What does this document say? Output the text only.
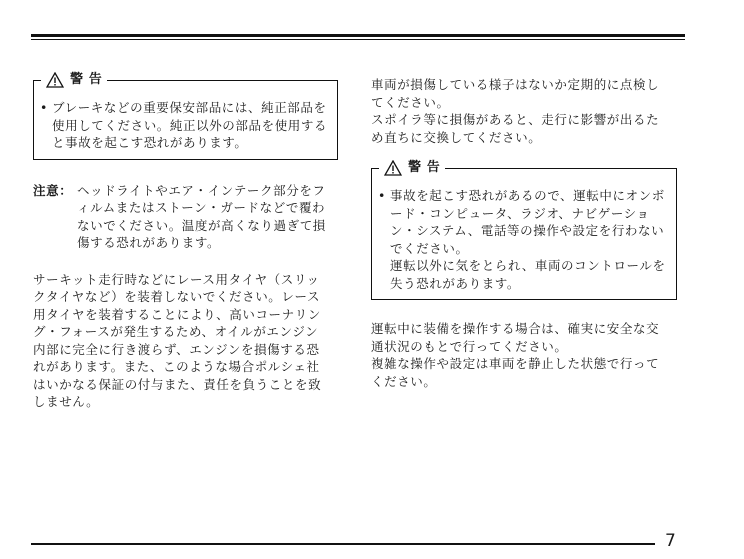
警 告
• ブレーキなどの重要保安部品には、純正部品を
使用してください。純正以外の部品を使用する
と事故を起こす恐れがあります。
注意： ヘッドライトやエア・インテーク部分をフ
ィルムまたはストーン・ガードなどで覆わ
ないでください。温度が高くなり過ぎて損
傷する恐れがあります。
サーキット走行時などにレース用タイヤ（スリッ
クタイヤなど）を装着しないでください。レース
用タイヤを装着することにより、高いコーナリン
グ・フォースが発生するため、オイルがエンジン
内部に完全に行き渡らず、エンジンを損傷する恐
れがあります。また、このような場合ポルシェ社
はいかなる保証の付与また、責任を負うことを致
しません。
車両が損傷している様子はないか定期的に点検し
てください。
スポイラ等に損傷があると、走行に影響が出るた
め直ちに交換してください。
警 告
• 事故を起こす恐れがあるので、運転中にオンボ
ード・コンピュータ、ラジオ、ナビゲーショ
ン・システム、電話等の操作や設定を行わない
でください。
運転以外に気をとられ、車両のコントロールを
失う恐れがあります。
運転中に装備を操作する場合は、確実に安全な交
通状況のもとで行ってください。
複雑な操作や設定は車両を静止した状態で行って
ください。
7
